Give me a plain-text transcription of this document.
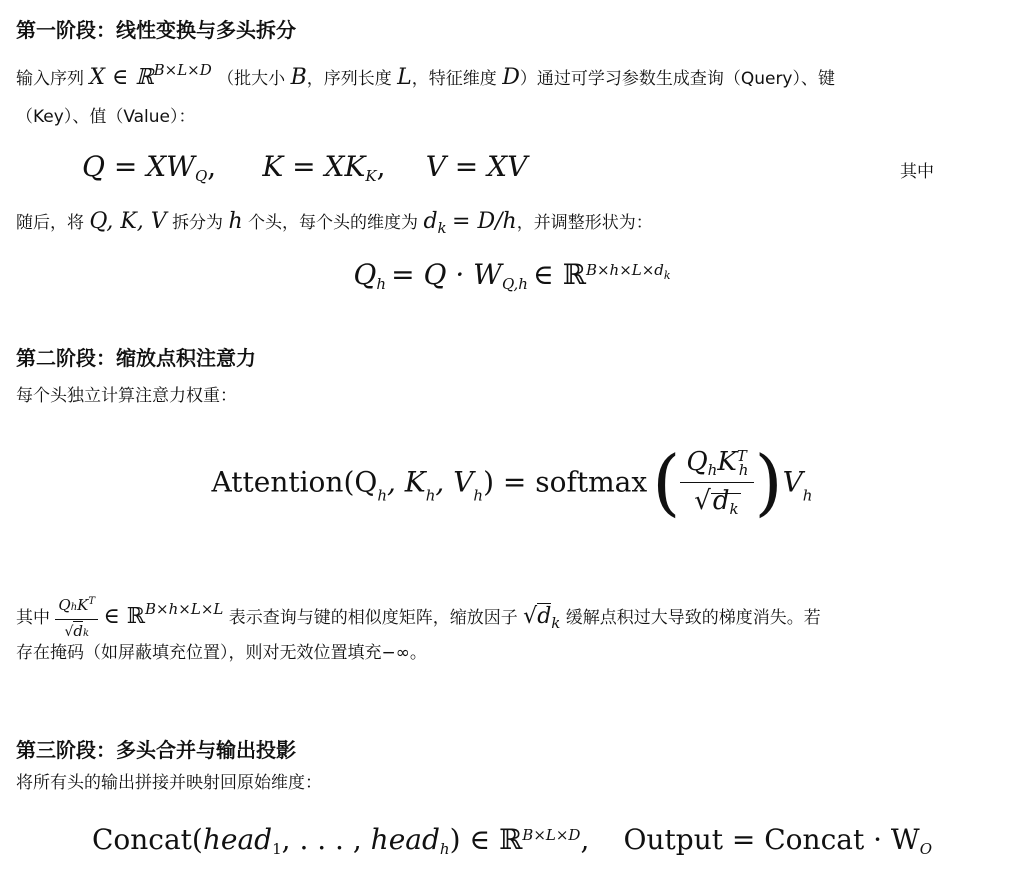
第一阶段：线性变换与多头拆分
输入序列 X ∈ ℝB×L×D （批大小 B，序列长度 L，特征维度 D）通过可学习参数生成查询（Query）、键
（Key）、值（Value）：
Q = XWQ, K = XKK, V = XV	其中
随后，将 Q, K, V 拆分为 h 个头，每个头的维度为 dk = D/h，并调整形状为：
Qh = Q · WQ,h ∈ $ℝB\times h\times L\times d^k$
第二阶段：缩放点积注意力
每个头独立计算注意力权重：
Attention(Qh, Kh, Vh) = softmax ( $\frac{\text{QhKTh}}{√dk} )Vh$
其中 $\frac{QhK^T}{√dk}$ ∈ ℝB×h×L×L 表示查询与键的相似度矩阵，缩放因子 √dk 缓解点积过大导致的梯度消失。若
存在掩码（如屏蔽填充位置），则对无效位置填充−∞。
第三阶段：多头合并与输出投影
将所有头的输出拼接并映射回原始维度：
Concat(head1, . . . , headh) ∈ ℝB×L×D, Output = Concat · WO
